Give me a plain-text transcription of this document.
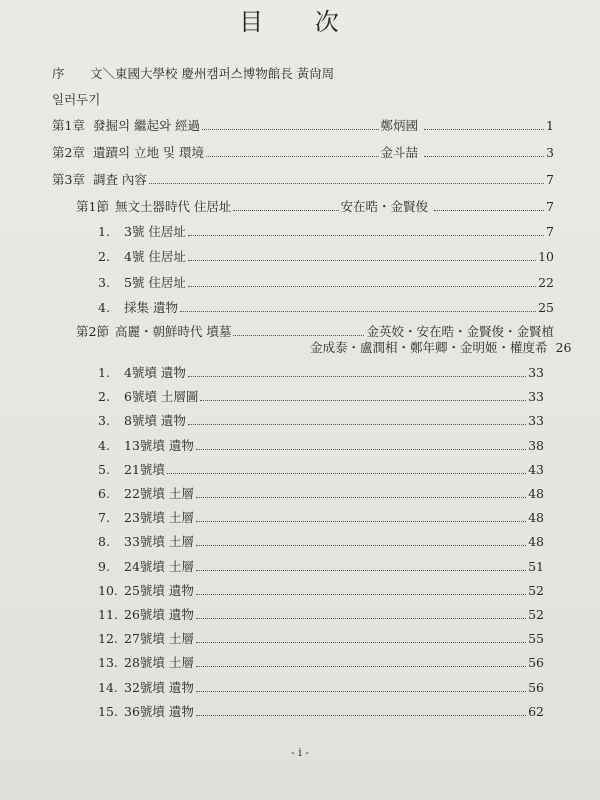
目 次
序 文＼東國大學校 慶州캠퍼스博物館長 黃尙周
일러두기
第1章 發掘의 繼起와 經過	鄭炳國	1
第2章 遺蹟의 立地 및 環境	金斗喆	3
第3章 調査 內容	7
第1節 無文土器時代 住居址	安在晧・金賢俊	7
1.	3號 住居址	7
2.	4號 住居址	10
3.	5號 住居址	22
4.	採集 遺物	25
第2節 高麗・朝鮮時代 墳墓	金英姣・安在晧・金賢俊・金賢植
金成泰・盧潤相・鄭年卿・金明姬・權度希 26
1.	4號墳 遺物	33
2.	6號墳 土層圖	33
3.	8號墳 遺物	33
4.	13號墳 遺物	38
5.	21號墳	43
6.	22號墳 土層	48
7.	23號墳 土層	48
8.	33號墳 土層	48
9.	24號墳 土層	51
10. 25號墳 遺物	52
11. 26號墳 遺物	52
12. 27號墳 土層	55
13. 28號墳 土層	56
14. 32號墳 遺物	56
15. 36號墳 遺物	62
- i -
